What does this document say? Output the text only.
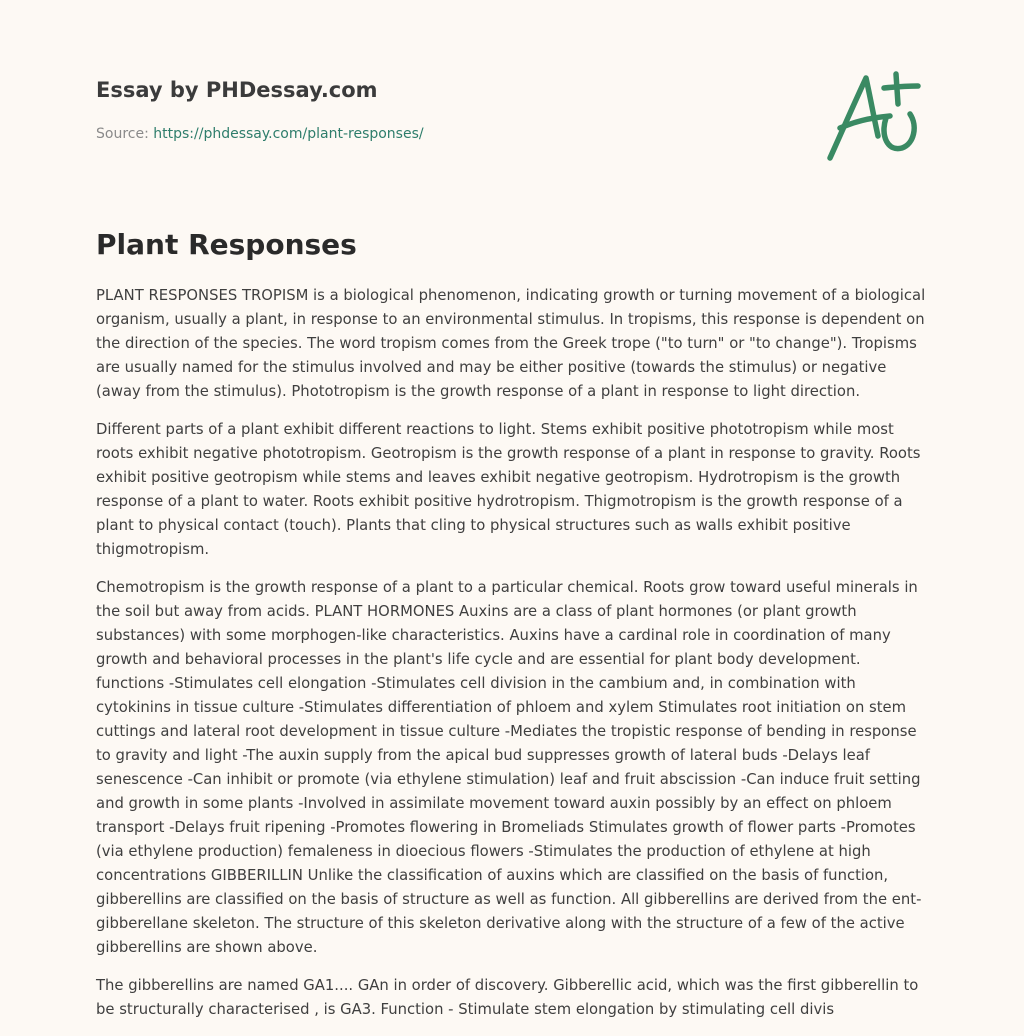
Essay by PHDessay.com
Source: https://phdessay.com/plant-responses/
Plant Responses

PLANT RESPONSES TROPISM is a biological phenomenon, indicating growth or turning movement of a biological organism, usually a plant, in response to an environmental stimulus. In tropisms, this response is dependent on the direction of the species. The word tropism comes from the Greek trope ("to turn" or "to change"). Tropisms are usually named for the stimulus involved and may be either positive (towards the stimulus) or negative (away from the stimulus). Phototropism is the growth response of a plant in response to light direction.

Different parts of a plant exhibit different reactions to light. Stems exhibit positive phototropism while most roots exhibit negative phototropism. Geotropism is the growth response of a plant in response to gravity. Roots exhibit positive geotropism while stems and leaves exhibit negative geotropism. Hydrotropism is the growth response of a plant to water. Roots exhibit positive hydrotropism. Thigmotropism is the growth response of a plant to physical contact (touch). Plants that cling to physical structures such as walls exhibit positive thigmotropism.

Chemotropism is the growth response of a plant to a particular chemical. Roots grow toward useful minerals in the soil but away from acids. PLANT HORMONES Auxins are a class of plant hormones (or plant growth substances) with some morphogen-like characteristics. Auxins have a cardinal role in coordination of many growth and behavioral processes in the plant's life cycle and are essential for plant body development. functions -Stimulates cell elongation -Stimulates cell division in the cambium and, in combination with cytokinins in tissue culture -Stimulates differentiation of phloem and xylem Stimulates root initiation on stem cuttings and lateral root development in tissue culture -Mediates the tropistic response of bending in response to gravity and light -The auxin supply from the apical bud suppresses growth of lateral buds -Delays leaf senescence -Can inhibit or promote (via ethylene stimulation) leaf and fruit abscission -Can induce fruit setting and growth in some plants -Involved in assimilate movement toward auxin possibly by an effect on phloem transport -Delays fruit ripening -Promotes flowering in Bromeliads Stimulates growth of flower parts -Promotes (via ethylene production) femaleness in dioecious flowers -Stimulates the production of ethylene at high concentrations GIBBERILLIN Unlike the classification of auxins which are classified on the basis of function, gibberellins are classified on the basis of structure as well as function. All gibberellins are derived from the ent-gibberellane skeleton. The structure of this skeleton derivative along with the structure of a few of the active gibberellins are shown above.

The gibberellins are named GA1.... GAn in order of discovery. Gibberellic acid, which was the first gibberellin to be structurally characterised , is GA3. Function - Stimulate stem elongation by stimulating cell divis
